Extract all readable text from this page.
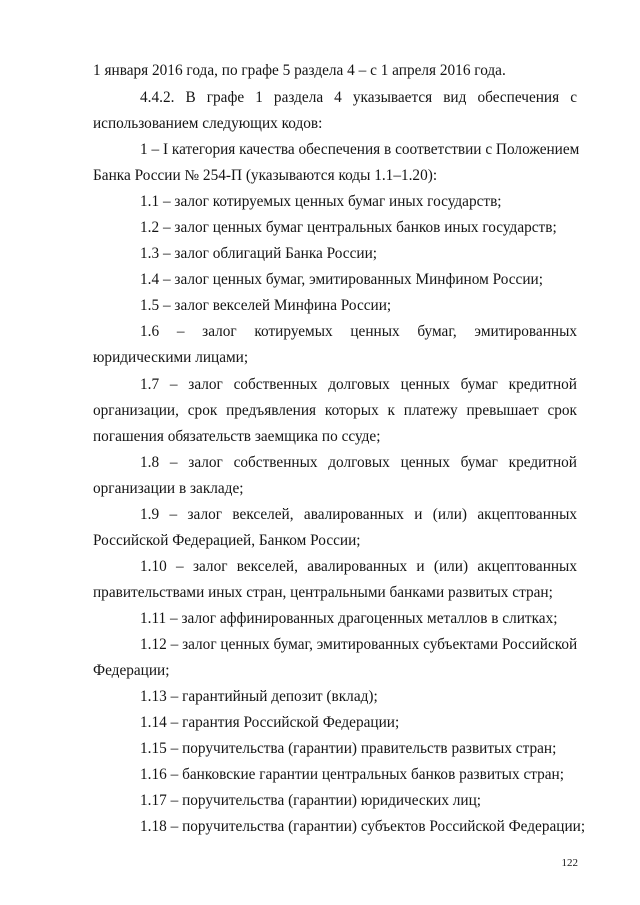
1 января 2016 года, по графе 5 раздела 4 – с 1 апреля 2016 года.
4.4.2. В графе 1 раздела 4 указывается вид обеспечения с
использованием следующих кодов:
1 – I категория качества обеспечения в соответствии с Положением
Банка России № 254-П (указываются коды 1.1–1.20):
1.1 – залог котируемых ценных бумаг иных государств;
1.2 – залог ценных бумаг центральных банков иных государств;
1.3 – залог облигаций Банка России;
1.4 – залог ценных бумаг, эмитированных Минфином России;
1.5 – залог векселей Минфина России;
1.6 – залог котируемых ценных бумаг, эмитированных
юридическими лицами;
1.7 – залог собственных долговых ценных бумаг кредитной
организации, срок предъявления которых к платежу превышает срок
погашения обязательств заемщика по ссуде;
1.8 – залог собственных долговых ценных бумаг кредитной
организации в закладе;
1.9 – залог векселей, авалированных и (или) акцептованных
Российской Федерацией, Банком России;
1.10 – залог векселей, авалированных и (или) акцептованных
правительствами иных стран, центральными банками развитых стран;
1.11 – залог аффинированных драгоценных металлов в слитках;
1.12 – залог ценных бумаг, эмитированных субъектами Российской
Федерации;
1.13 – гарантийный депозит (вклад);
1.14 – гарантия Российской Федерации;
1.15 – поручительства (гарантии) правительств развитых стран;
1.16 – банковские гарантии центральных банков развитых стран;
1.17 – поручительства (гарантии) юридических лиц;
1.18 – поручительства (гарантии) субъектов Российской Федерации;
122
